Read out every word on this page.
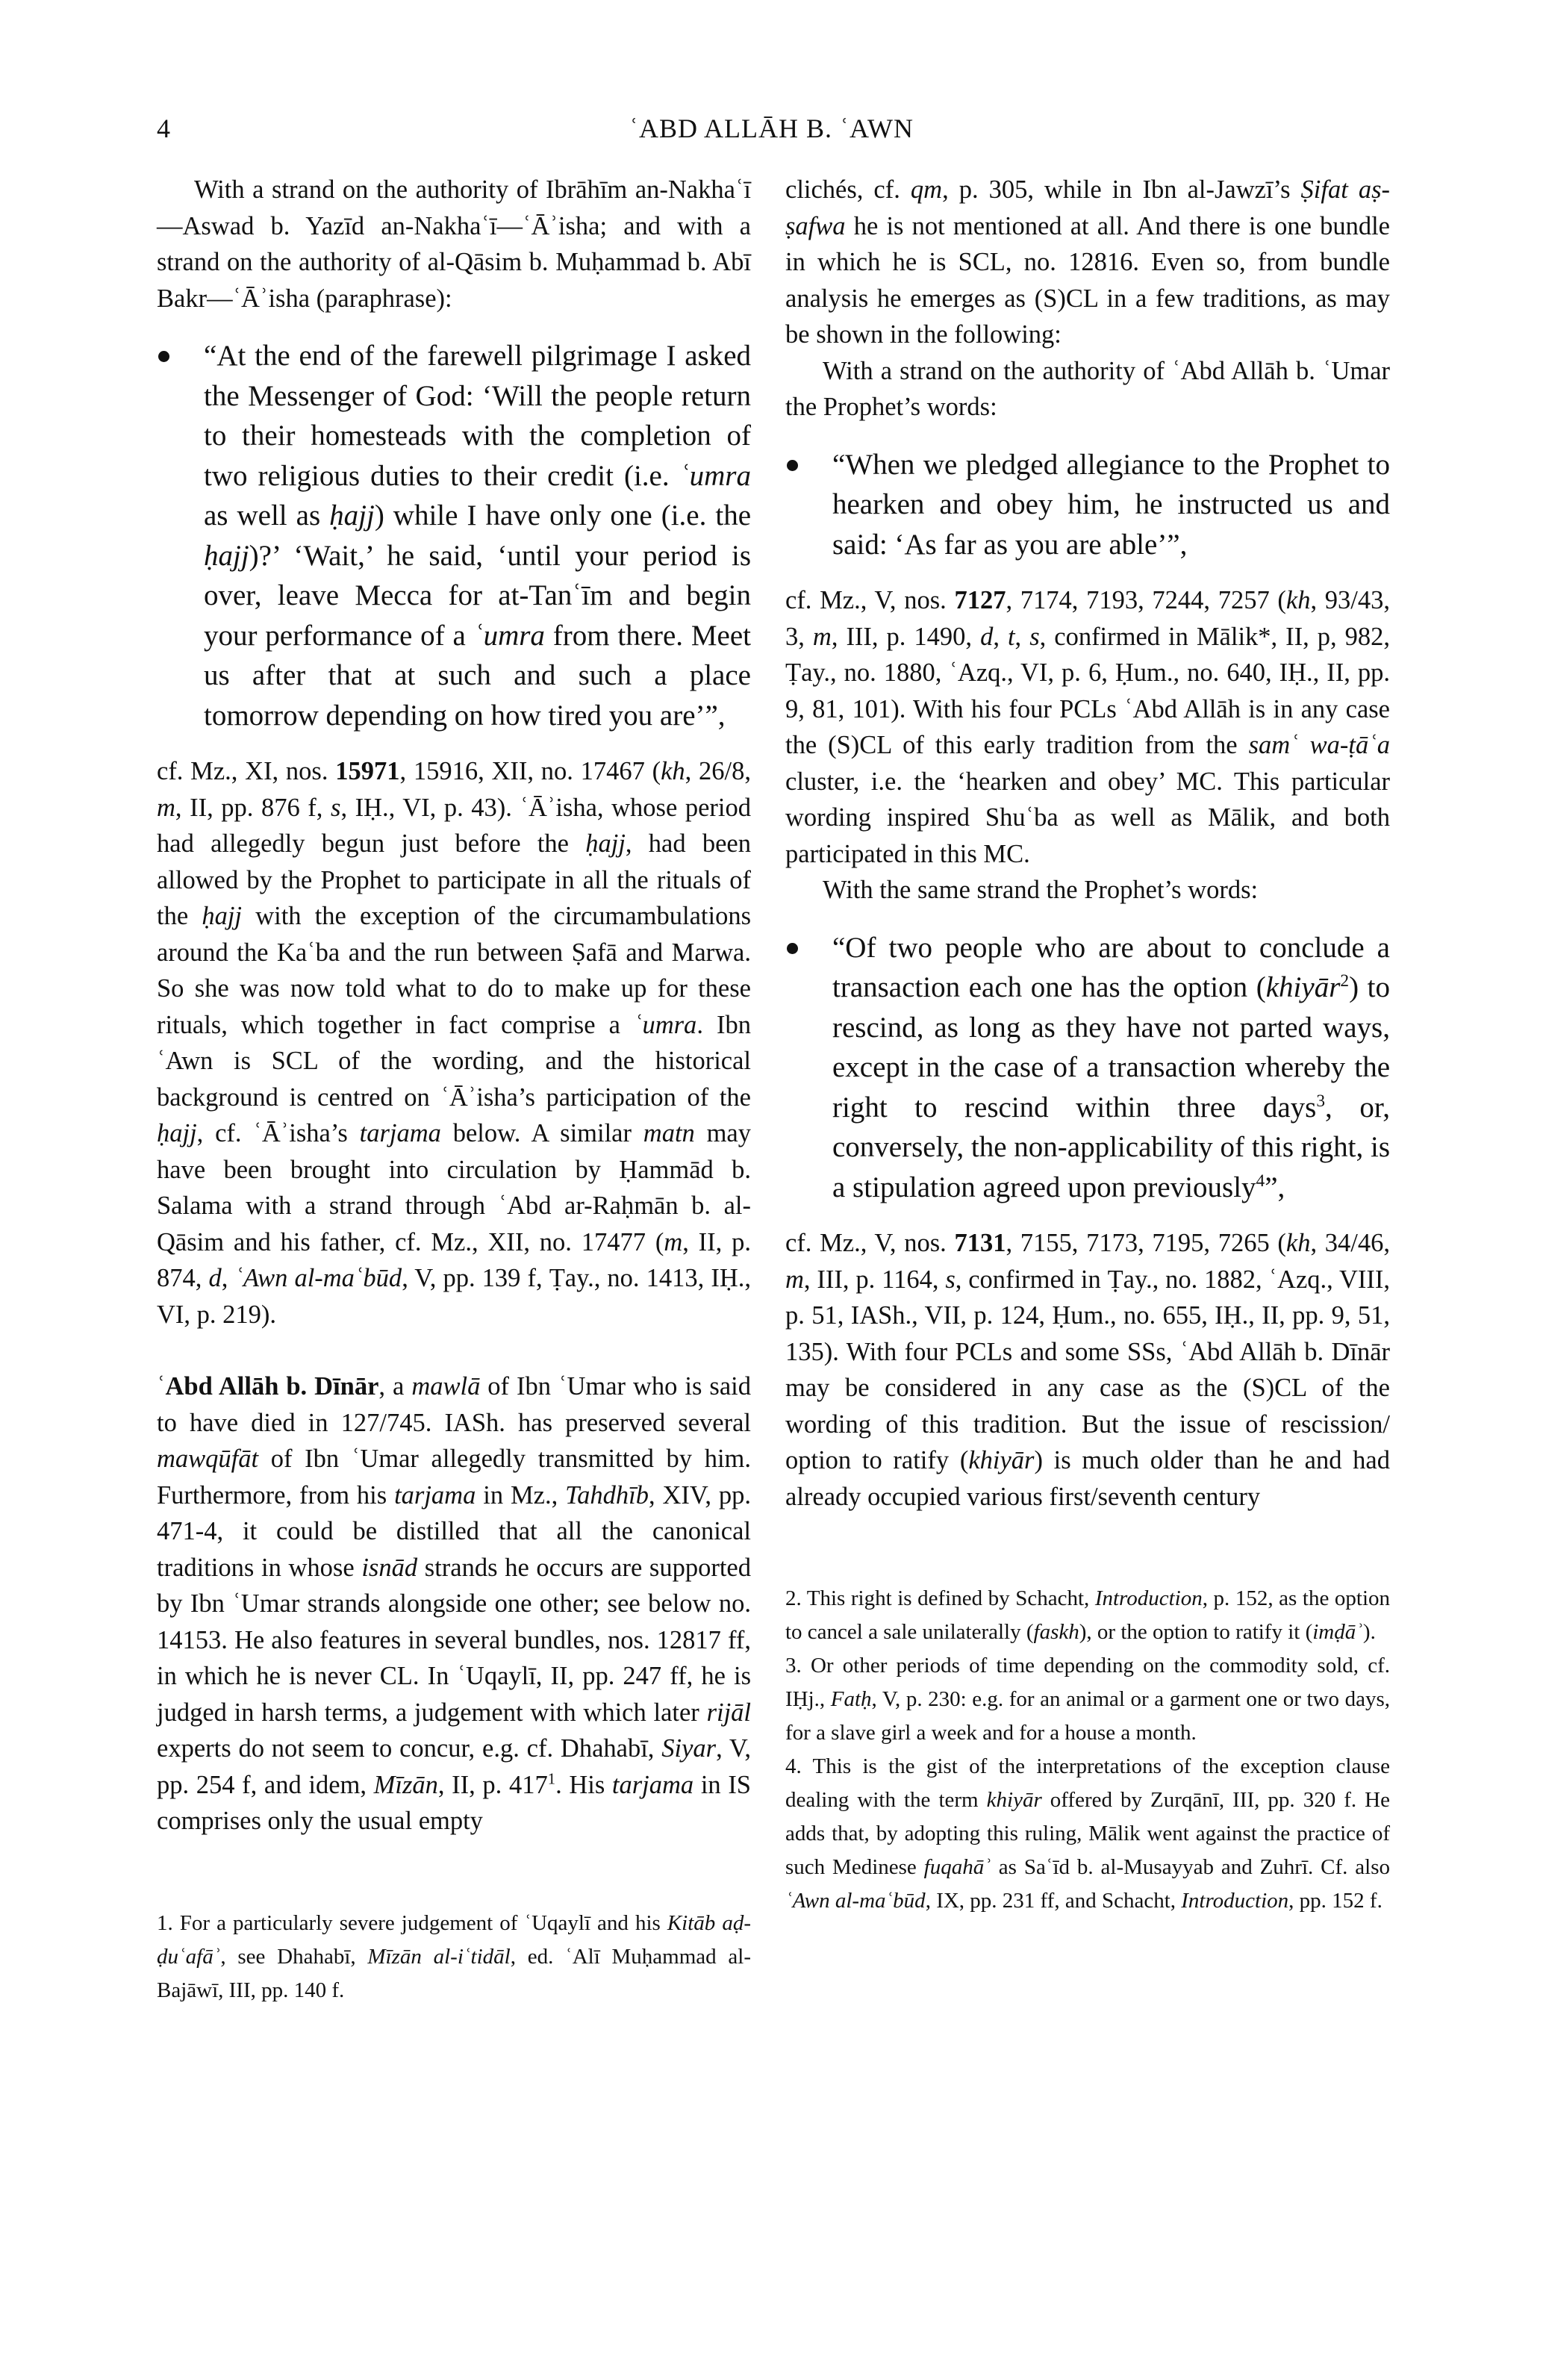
4	ʿABD ALLĀH B. ʿAWN
With a strand on the authority of Ibrāhīm an-Nakhaʿī—Aswad b. Yazīd an-Nakhaʿī—ʿĀʾisha; and with a strand on the authority of al-Qāsim b. Muḥammad b. Abī Bakr—ʿĀʾisha (paraphrase):
“At the end of the farewell pilgrimage I asked the Messenger of God: ‘Will the people return to their homesteads with the completion of two religious duties to their credit (i.e. ʿumra as well as ḥajj) while I have only one (i.e. the ḥajj)?’ ‘Wait,’ he said, ‘until your period is over, leave Mecca for at-Tanʿīm and begin your performance of a ʿumra from there. Meet us after that at such and such a place tomorrow depending on how tired you are’”,
cf. Mz., XI, nos. 15971, 15916, XII, no. 17467 (kh, 26/8, m, II, pp. 876 f, s, IḤ., VI, p. 43). ʿĀʾisha, whose period had allegedly begun just before the ḥajj, had been allowed by the Prophet to participate in all the rituals of the ḥajj with the exception of the circumambulations around the Kaʿba and the run between Ṣafā and Marwa. So she was now told what to do to make up for these rituals, which together in fact comprise a ʿumra. Ibn ʿAwn is SCL of the wording, and the historical background is centred on ʿĀʾisha’s participation of the ḥajj, cf. ʿĀʾisha’s tarjama below. A similar matn may have been brought into circulation by Ḥammād b. Salama with a strand through ʿAbd ar-Raḥmān b. al-Qāsim and his father, cf. Mz., XII, no. 17477 (m, II, p. 874, d, ʿAwn al-maʿbūd, V, pp. 139 f, Ṭay., no. 1413, IḤ., VI, p. 219).
ʿAbd Allāh b. Dīnār, a mawlā of Ibn ʿUmar who is said to have died in 127/745. IASh. has preserved several mawqūfāt of Ibn ʿUmar allegedly transmitted by him. Furthermore, from his tarjama in Mz., Tahdhīb, XIV, pp. 471-4, it could be distilled that all the canonical traditions in whose isnād strands he occurs are supported by Ibn ʿUmar strands alongside one other; see below no. 14153. He also features in several bundles, nos. 12817 ff, in which he is never CL. In ʿUqaylī, II, pp. 247 ff, he is judged in harsh terms, a judgement with which later rijāl experts do not seem to concur, e.g. cf. Dhahabī, Siyar, V, pp. 254 f, and idem, Mīzān, II, p. $417^1$. His tarjama in IS comprises only the usual empty
1. For a particularly severe judgement of ʿUqaylī and his Kitāb aḍ-ḍuʿafāʾ, see Dhahabī, Mīzān al-iʿtidāl, ed. ʿAlī Muḥammad al-Bajāwī, III, pp. 140 f.
clichés, cf. qm, p. 305, while in Ibn al-Jawzī’s Ṣifat aṣ-ṣafwa he is not mentioned at all. And there is one bundle in which he is SCL, no. 12816. Even so, from bundle analysis he emerges as (S)CL in a few traditions, as may be shown in the following:
With a strand on the authority of ʿAbd Allāh b. ʿUmar the Prophet’s words:
“When we pledged allegiance to the Prophet to hearken and obey him, he instructed us and said: ‘As far as you are able’”,
cf. Mz., V, nos. 7127, 7174, 7193, 7244, 7257 (kh, 93/43, 3, m, III, p. 1490, d, t, s, confirmed in Mālik*, II, p, 982, Ṭay., no. 1880, ʿAzq., VI, p. 6, Ḥum., no. 640, IḤ., II, pp. 9, 81, 101). With his four PCLs ʿAbd Allāh is in any case the (S)CL of this early tradition from the samʿ wa-ṭāʿa cluster, i.e. the ‘hearken and obey’ MC. This particular wording inspired Shuʿba as well as Mālik, and both participated in this MC.
With the same strand the Prophet’s words:
“Of two people who are about to conclude a transaction each one has the option (khiyār$^2$) to rescind, as long as they have not parted ways, except in the case of a transaction whereby the right to rescind within three days$^3$, or, conversely, the non-applicability of this right, is a stipulation agreed upon previously$^4$”,
cf. Mz., V, nos. 7131, 7155, 7173, 7195, 7265 (kh, 34/46, m, III, p. 1164, s, confirmed in Ṭay., no. 1882, ʿAzq., VIII, p. 51, IASh., VII, p. 124, Ḥum., no. 655, IḤ., II, pp. 9, 51, 135). With four PCLs and some SSs, ʿAbd Allāh b. Dīnār may be considered in any case as the (S)CL of the wording of this tradition. But the issue of rescission/ option to ratify (khiyār) is much older than he and had already occupied various first/seventh century
2. This right is defined by Schacht, Introduction, p. 152, as the option to cancel a sale unilaterally (faskh), or the option to ratify it (imḍāʾ).
3. Or other periods of time depending on the commodity sold, cf. IḤj., Fatḥ, V, p. 230: e.g. for an animal or a garment one or two days, for a slave girl a week and for a house a month.
4. This is the gist of the interpretations of the exception clause dealing with the term khiyār offered by Zurqānī, III, pp. 320 f. He adds that, by adopting this ruling, Mālik went against the practice of such Medinese fuqahāʾ as Saʿīd b. al-Musayyab and Zuhrī. Cf. also ʿAwn al-maʿbūd, IX, pp. 231 ff, and Schacht, Introduction, pp. 152 f.
